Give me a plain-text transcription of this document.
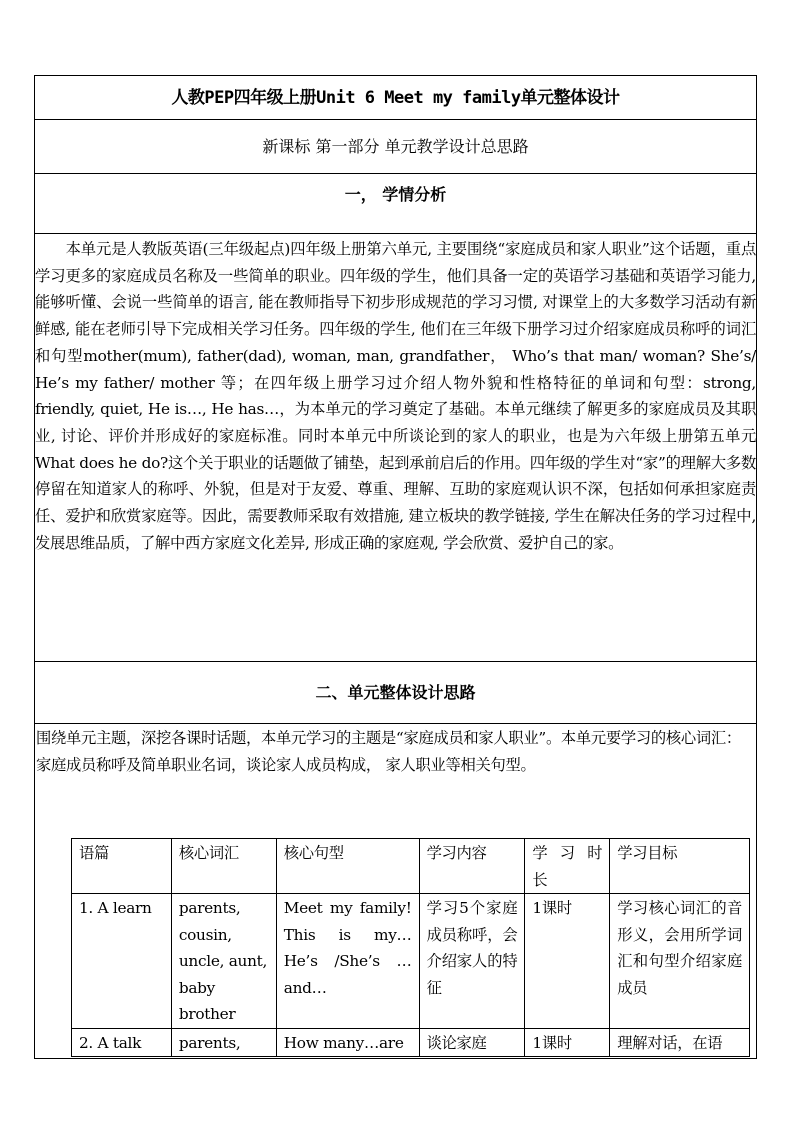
人教PEP四年级上册Unit 6 Meet my family单元整体设计
新课标 第一部分 单元教学设计总思路
一， 学情分析
本单元是人教版英语(三年级起点)四年级上册第六单元, 主要围绕“家庭成员和家人职业”这个话题，重点学习更多的家庭成员名称及一些简单的职业。四年级的学生，他们具备一定的英语学习基础和英语学习能力, 能够听懂、会说一些简单的语言, 能在教师指导下初步形成规范的学习习惯, 对课堂上的大多数学习活动有新鲜感, 能在老师引导下完成相关学习任务。四年级的学生, 他们在三年级下册学习过介绍家庭成员称呼的词汇和句型mother(mum), father(dad), woman, man, grandfather， Who’s that man/ woman? She’s/ He’s my father/ mother 等；在四年级上册学习过介绍人物外貌和性格特征的单词和句型：strong, friendly, quiet, He is…, He has…，为本单元的学习奠定了基础。本单元继续了解更多的家庭成员及其职业, 讨论、评价并形成好的家庭标准。同时本单元中所谈论到的家人的职业，也是为六年级上册第五单元 What does he do?这个关于职业的话题做了铺垫，起到承前启后的作用。四年级的学生对“家”的理解大多数停留在知道家人的称呼、外貌，但是对于友爱、尊重、理解、互助的家庭观认识不深，包括如何承担家庭责任、爱护和欣赏家庭等。因此，需要教师采取有效措施, 建立板块的教学链接, 学生在解决任务的学习过程中, 发展思维品质，了解中西方家庭文化差异, 形成正确的家庭观, 学会欣赏、爱护自己的家。
二、单元整体设计思路
围绕单元主题，深挖各课时话题，本单元学习的主题是“家庭成员和家人职业”。本单元要学习的核心词汇：家庭成员称呼及简单职业名词，谈论家人成员构成， 家人职业等相关句型。
语篇	核心词汇	核心句型	学习内容	学 习 时 长	学习目标
1. A learn	parents, cousin, uncle, aunt, baby brother	Meet my family! This is my… He’s /She’s …and…	学习5个家庭成员称呼，会介绍家人的特征	1课时	学习核心词汇的音形义，会用所学词汇和句型介绍家庭成员
2. A talk	parents,	How many…are	谈论家庭	1课时	理解对话，在语
